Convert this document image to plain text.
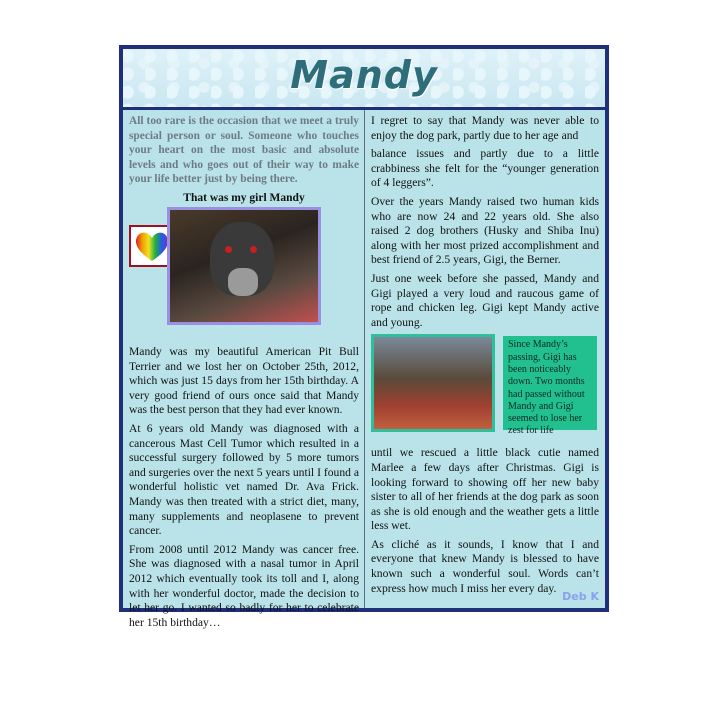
Mandy

All too rare is the occasion that we meet a truly special person or soul. Someone who touches your heart on the most basic and absolute levels and who goes out of their way to make your life better just by being there.

That was my girl Mandy

Mandy was my beautiful American Pit Bull Terrier and we lost her on October 25th, 2012, which was just 15 days from her 15th birthday. A very good friend of ours once said that Mandy was the best person that they had ever known.

At 6 years old Mandy was diagnosed with a cancerous Mast Cell Tumor which resulted in a successful surgery followed by 5 more tumors and surgeries over the next 5 years until I found a wonderful holistic vet named Dr. Ava Frick. Mandy was then treated with a strict diet, many, many supplements and neoplasene to prevent cancer.

From 2008 until 2012 Mandy was cancer free. She was diagnosed with a nasal tumor in April 2012 which eventually took its toll and I, along with her wonderful doctor, made the decision to let her go. I wanted so badly for her to celebrate her 15th birthday…

I regret to say that Mandy was never able to enjoy the dog park, partly due to her age and

balance issues and partly due to a little crabbiness she felt for the “younger generation of 4 leggers”.

Over the years Mandy raised two human kids who are now 24 and 22 years old. She also raised 2 dog brothers (Husky and Shiba Inu) along with her most prized accomplishment and best friend of 2.5 years, Gigi, the Berner.

Just one week before she passed, Mandy and Gigi played a very loud and raucous game of rope and chicken leg. Gigi kept Mandy active and young.

Since Mandy’s passing, Gigi has been noticeably down. Two months had passed without Mandy and Gigi seemed to lose her zest for life

until we rescued a little black cutie named Marlee a few days after Christmas. Gigi is looking forward to showing off her new baby sister to all of her friends at the dog park as soon as she is old enough and the weather gets a little less wet.

As cliché as it sounds, I know that I and everyone that knew Mandy is blessed to have known such a wonderful soul. Words can’t express how much I miss her every day.

Deb K
